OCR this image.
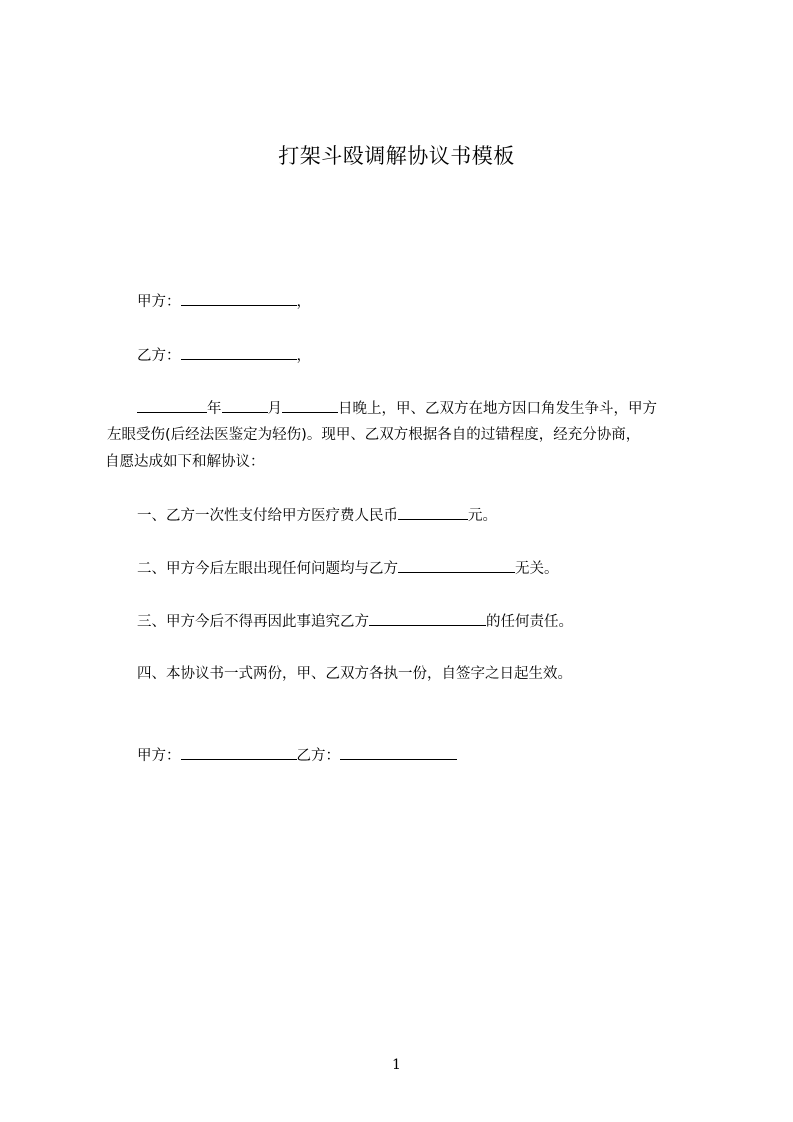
打架斗殴调解协议书模板
甲方：	，
乙方：	，
年	月	日晚上，甲、乙双方在地方因口角发生争斗，甲方
左眼受伤(后经法医鉴定为轻伤)。现甲、乙双方根据各自的过错程度，经充分协商，
自愿达成如下和解协议：
一、乙方一次性支付给甲方医疗费人民币	元。
二、甲方今后左眼出现任何问题均与乙方	无关。
三、甲方今后不得再因此事追究乙方	的任何责任。
四、本协议书一式两份，甲、乙双方各执一份，自签字之日起生效。
甲方：	乙方：
1
